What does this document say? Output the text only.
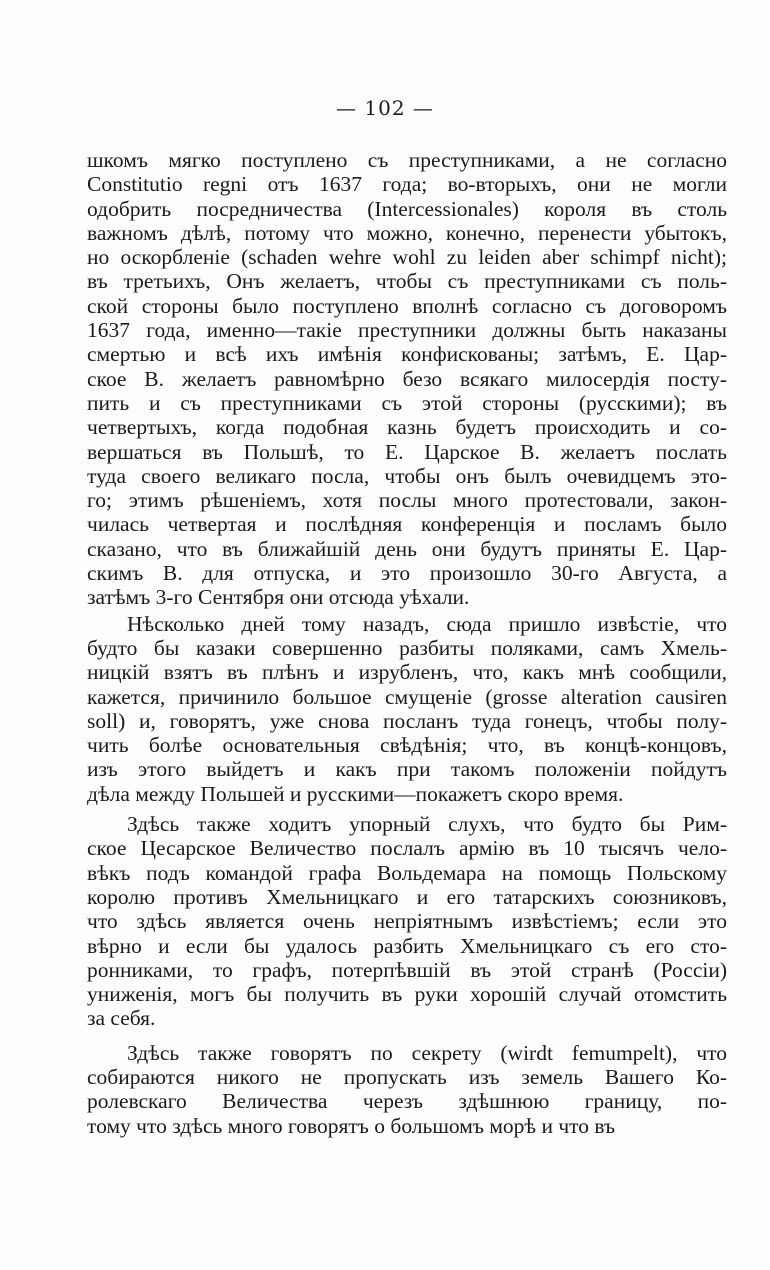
— 102 —
шкомъ мягко поступлено съ преступниками, а не согласно
Constitutio regni отъ 1637 года; во-вторыхъ, они не могли
одобрить посредничества (Intercessionales) короля въ столь
важномъ дѣлѣ, потому что можно, конечно, перенести убытокъ,
но оскорбленіе (schaden wehre wohl zu leiden aber schimpf nicht);
въ третьихъ, Онъ желаетъ, чтобы съ преступниками съ поль-
ской стороны было поступлено вполнѣ согласно съ договоромъ
1637 года, именно—такіе преступники должны быть наказаны
смертью и всѣ ихъ имѣнія конфискованы; затѣмъ, Е. Цар-
ское В. желаетъ равномѣрно безо всякаго милосердія посту-
пить и съ преступниками съ этой стороны (русскими); въ
четвертыхъ, когда подобная казнь будетъ происходить и со-
вершаться въ Польшѣ, то Е. Царское В. желаетъ послать
туда своего великаго посла, чтобы онъ былъ очевидцемъ это-
го; этимъ рѣшеніемъ, хотя послы много протестовали, закон-
чилась четвертая и послѣдняя конференція и посламъ было
сказано, что въ ближайшій день они будутъ приняты Е. Цар-
скимъ В. для отпуска, и это произошло 30-го Августа, а
затѣмъ 3-го Сентября они отсюда уѣхали.
Нѣсколько дней тому назадъ, сюда пришло извѣстіе, что
будто бы казаки совершенно разбиты поляками, самъ Хмель-
ницкій взятъ въ плѣнъ и изрубленъ, что, какъ мнѣ сообщили,
кажется, причинило большое смущеніе (grosse alteration causiren
soll) и, говорятъ, уже снова посланъ туда гонецъ, чтобы полу-
чить болѣе основательныя свѣдѣнія; что, въ концѣ-концовъ,
изъ этого выйдетъ и какъ при такомъ положеніи пойдутъ
дѣла между Польшей и русскими—покажетъ скоро время.
Здѣсь также ходитъ упорный слухъ, что будто бы Рим-
ское Цесарское Величество послалъ армію въ 10 тысячъ чело-
вѣкъ подъ командой графа Вольдемара на помощь Польскому
королю противъ Хмельницкаго и его татарскихъ союзниковъ,
что здѣсь является очень непріятнымъ извѣстіемъ; если это
вѣрно и если бы удалось разбить Хмельницкаго съ его сто-
ронниками, то графъ, потерпѣвшій въ этой странѣ (Россіи)
униженія, могъ бы получить въ руки хорошій случай отомстить
за себя.
Здѣсь также говорятъ по секрету (wirdt femumpelt), что
собираются никого не пропускать изъ земель Вашего Ко-
ролевскаго Величества черезъ здѣшнюю границу, по-
тому что здѣсь много говорятъ о большомъ морѣ и что въ
